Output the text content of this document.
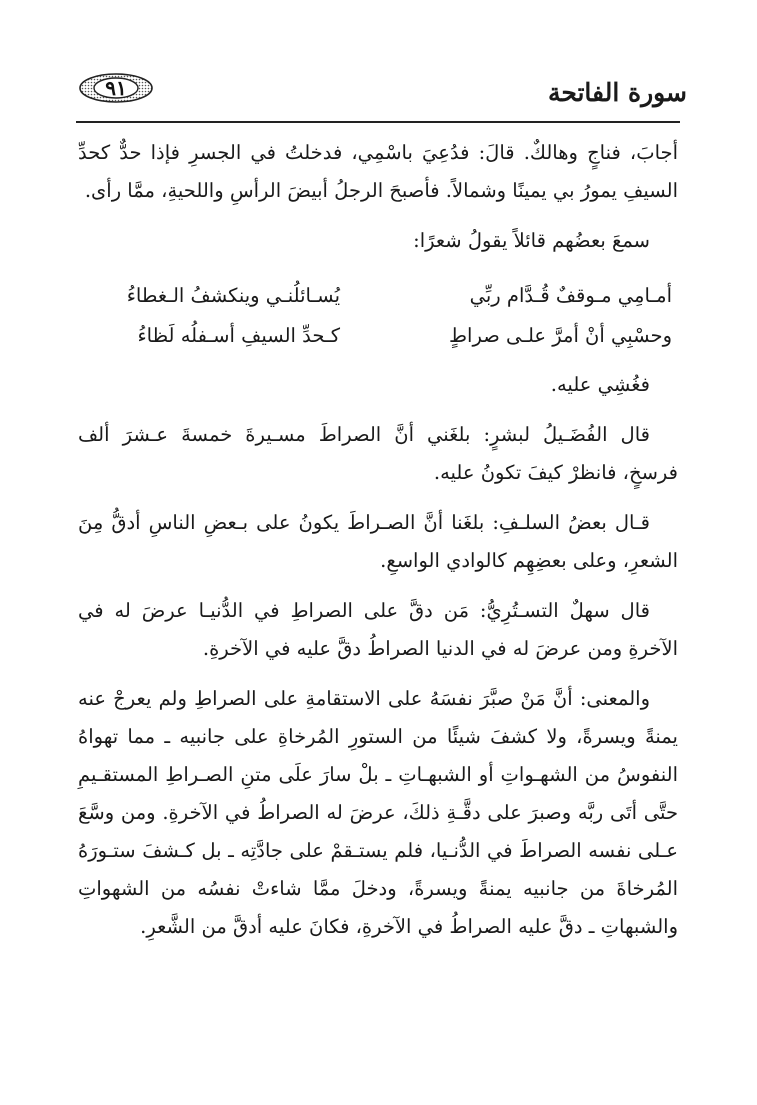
سورة الفاتحة
٩١

أجابَ، فناجٍ وهالكٌ. قالَ: فدُعِيَ باسْمِي، فدخلتُ في الجسرِ فإذا حدٌّ كحدِّ السيفِ يمورُ بي يمينًا وشمالاً. فأصبحَ الرجلُ أبيضَ الرأسِ واللحيةِ، ممَّا رأى.

سمعَ بعضُهم قائلاً يقولُ شعرًا:

أمـامِي مـوقفٌ قُـدَّام ربِّي
يُسـائلُنـي وينكشفُ الـغطاءُ
وحسْبِي أنْ أمرَّ علـى صراطٍ
كـحدِّ السيفِ أسـفلُه لَظاءُ

فغُشِي عليه.

قال الفُضَـيلُ لبشرٍ: بلغَني أنَّ الصراطَ مسـيرةَ خمسةَ عـشرَ ألف فرسخٍ، فانظرْ كيفَ تكونُ عليه.

قـال بعضُ السلـفِ: بلغَنا أنَّ الصـراطَ يكونُ على بـعضِ الناسِ أدقُّ مِنَ الشعرِ، وعلى بعضِهِم كالوادي الواسعِ.

قال سهلٌ التسـتُرِيُّ: مَن دقَّ على الصراطِ في الدُّنيـا عرضَ له في الآخرةِ ومن عرضَ له في الدنيا الصراطُ دقَّ عليه في الآخرةِ.

والمعنى: أنَّ مَنْ صبَّرَ نفسَهُ على الاستقامةِ على الصراطِ ولم يعرجْ عنه يمنةً ويسرةً، ولا كشفَ شيئًا من الستورِ المُرخاةِ على جانبيه ـ مما تهواهُ النفوسُ من الشهـواتِ أو الشبهـاتِ ـ بلْ سارَ علَى متنِ الصـراطِ المستقـيمِ حتَّى أتَى ربَّه وصبرَ على دقَّـةِ ذلكَ، عرضَ له الصراطُ في الآخرةِ. ومن وسَّعَ عـلى نفسه الصراطَ في الدُّنـيا، فلم يستـقمْ على جادَّتِه ـ بل كـشفَ ستـورَهُ المُرخاةَ من جانبيه يمنةً ويسرةً، ودخلَ ممَّا شاءتْ نفسُه من الشهواتِ والشبهاتِ ـ دقَّ عليه الصراطُ في الآخرةِ، فكانَ عليه أدقَّ من الشَّعرِ.
